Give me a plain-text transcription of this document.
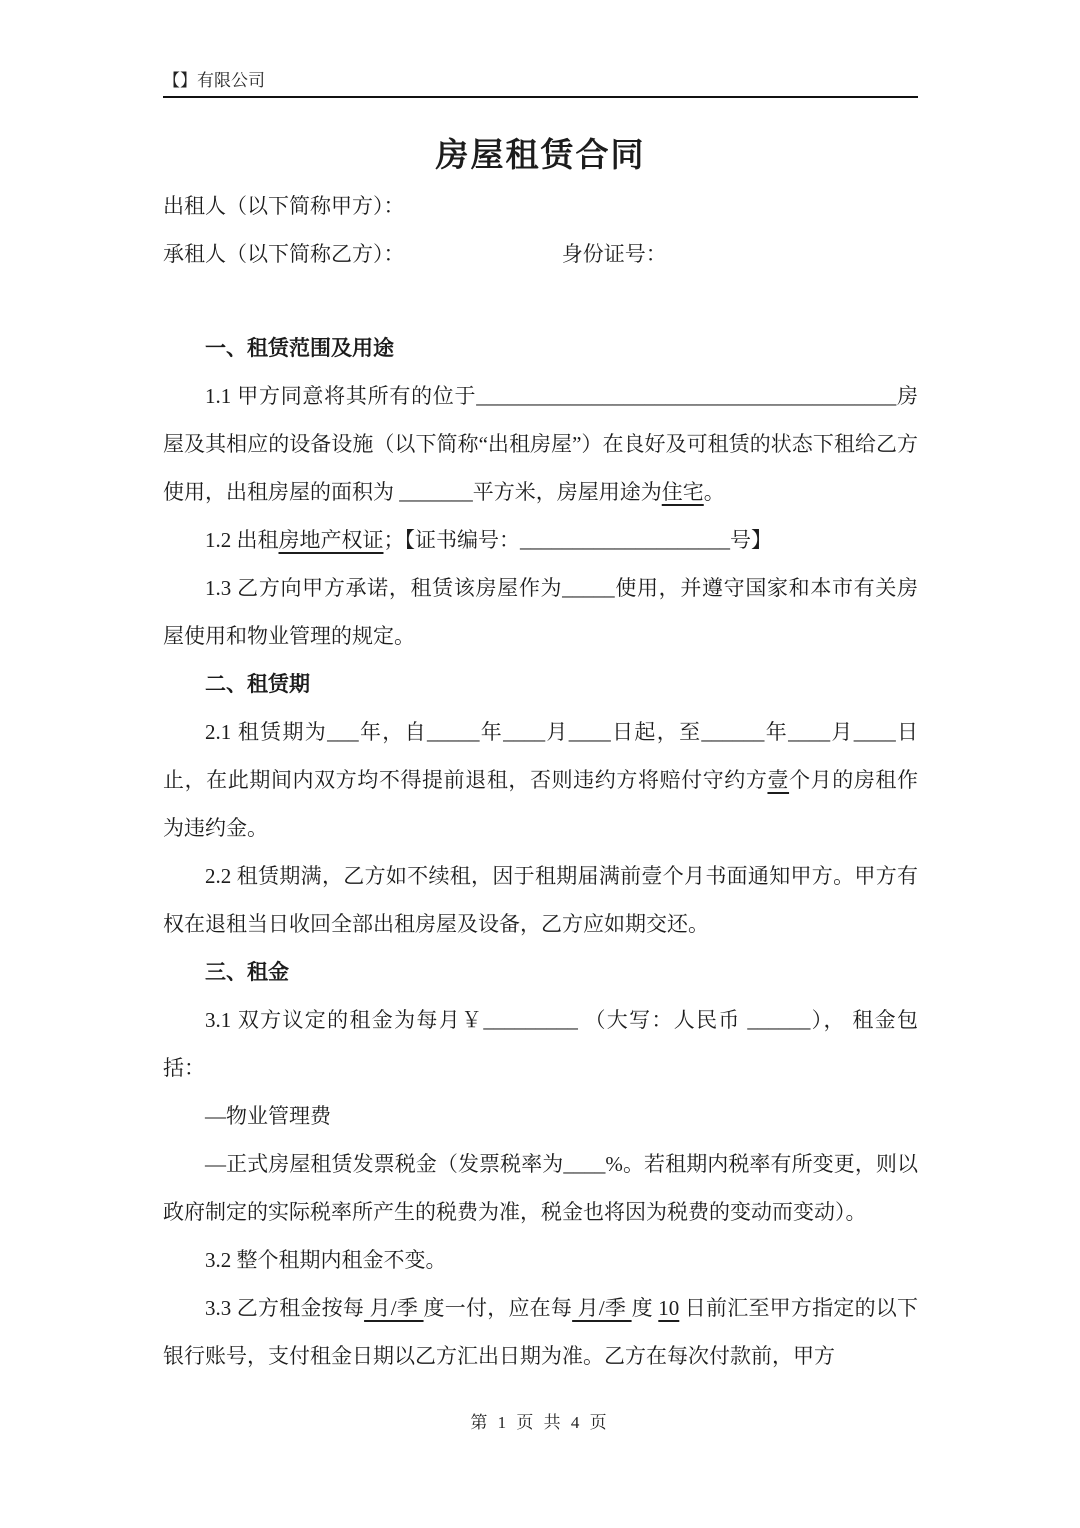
【】有限公司
房屋租赁合同

出租人（以下简称甲方）：

承租人（以下简称乙方）：	身份证号：

一、租赁范围及用途

1.1 甲方同意将其所有的位于________________________________________房屋及其相应的设备设施（以下简称“出租房屋”）在良好及可租赁的状态下租给乙方使用，出租房屋的面积为 _______平方米，房屋用途为住宅。

1.2 出租房地产权证；【证书编号：____________________号】

1.3 乙方向甲方承诺，租赁该房屋作为_____使用，并遵守国家和本市有关房屋使用和物业管理的规定。

二、租赁期

2.1 租赁期为___年，自_____年____月____日起，至______年____月____日止，在此期间内双方均不得提前退租，否则违约方将赔付守约方壹个月的房租作为违约金。

2.2 租赁期满，乙方如不续租，因于租期届满前壹个月书面通知甲方。甲方有权在退租当日收回全部出租房屋及设备，乙方应如期交还。

三、租金

3.1 双方议定的租金为每月￥_________ （大写：人民币 ______）， 租金包括：

—物业管理费

—正式房屋租赁发票税金（发票税率为____%。若租期内税率有所变更，则以政府制定的实际税率所产生的税费为准，税金也将因为税费的变动而变动）。

3.2 整个租期内租金不变。

3.3 乙方租金按每 月/季 度一付，应在每 月/季 度 10 日前汇至甲方指定的以下银行账号，支付租金日期以乙方汇出日期为准。乙方在每次付款前，甲方

第 1 页 共 4 页
